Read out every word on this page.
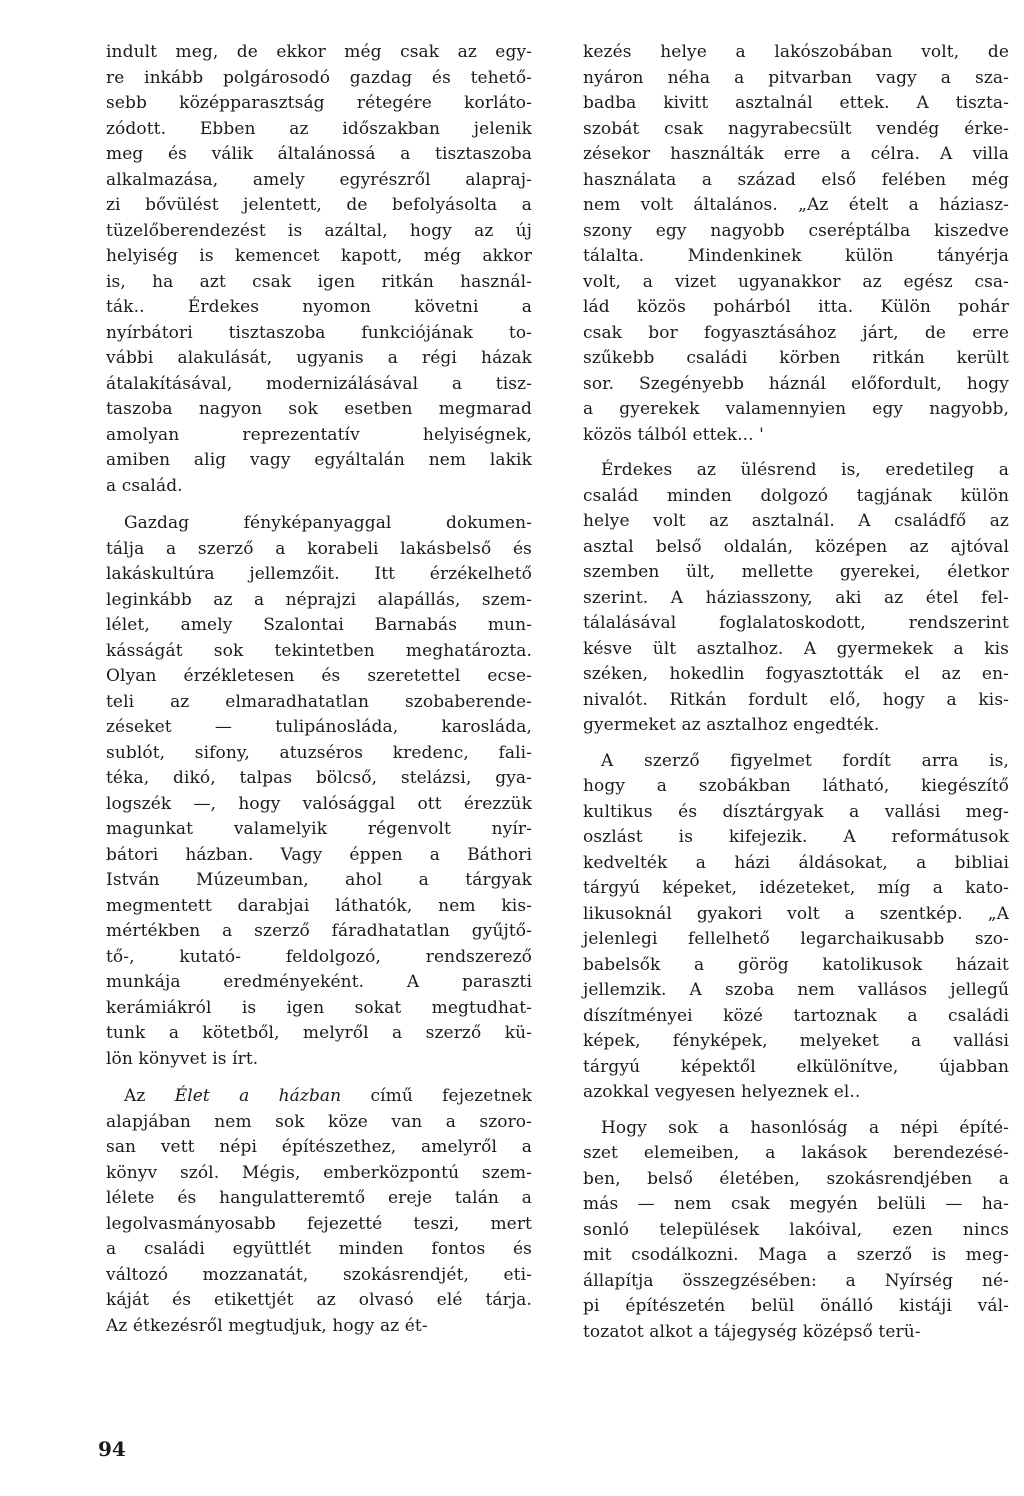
indult meg, de ekkor még csak az egy-
re inkább polgárosodó gazdag és tehető-
sebb középparasztság rétegére korláto-
zódott. Ebben az időszakban jelenik
meg és válik általánossá a tisztaszoba
alkalmazása, amely egyrészről alapraj-
zi bővülést jelentett, de befolyásolta a
tüzelőberendezést is azáltal, hogy az új
helyiség is kemencet kapott, még akkor
is, ha azt csak igen ritkán használ-
ták.. Érdekes nyomon követni a
nyírbátori tisztaszoba funkciójának to-
vábbi alakulását, ugyanis a régi házak
átalakításával, modernizálásával a tisz-
taszoba nagyon sok esetben megmarad
amolyan reprezentatív helyiségnek,
amiben alig vagy egyáltalán nem lakik
a család.
Gazdag fényképanyaggal dokumen-
tálja a szerző a korabeli lakásbelső és
lakáskultúra jellemzőit. Itt érzékelhető
leginkább az a néprajzi alapállás, szem-
lélet, amely Szalontai Barnabás mun-
kásságát sok tekintetben meghatározta.
Olyan érzékletesen és szeretettel ecse-
teli az elmaradhatatlan szobaberende-
zéseket — tulipánosláda, karosláda,
sublót, sifony, atuzséros kredenc, fali-
téka, dikó, talpas bölcső, stelázsi, gya-
logszék —, hogy valósággal ott érezzük
magunkat valamelyik régenvolt nyír-
bátori házban. Vagy éppen a Báthori
István Múzeumban, ahol a tárgyak
megmentett darabjai láthatók, nem kis-
mértékben a szerző fáradhatatlan gyűjtő-
tő-, kutató- feldolgozó, rendszerező
munkája eredményeként. A paraszti
kerámiákról is igen sokat megtudhat-
tunk a kötetből, melyről a szerző kü-
lön könyvet is írt.
Az Élet a házban című fejezetnek
alapjában nem sok köze van a szoro-
san vett népi építészethez, amelyről a
könyv szól. Mégis, emberközpontú szem-
lélete és hangulatteremtő ereje talán a
legolvasmányosabb fejezetté teszi, mert
a családi együttlét minden fontos és
változó mozzanatát, szokásrendjét, eti-
káját és etikettjét az olvasó elé tárja.
Az étkezésről megtudjuk, hogy az ét-
kezés helye a lakószobában volt, de
nyáron néha a pitvarban vagy a sza-
badba kivitt asztalnál ettek. A tiszta-
szobát csak nagyrabecsült vendég érke-
zésekor használták erre a célra. A villa
használata a század első felében még
nem volt általános. „Az ételt a háziasz-
szony egy nagyobb cseréptálba kiszedve
tálalta. Mindenkinek külön tányérja
volt, a vizet ugyanakkor az egész csa-
lád közös pohárból itta. Külön pohár
csak bor fogyasztásához járt, de erre
szűkebb családi körben ritkán került
sor. Szegényebb háznál előfordult, hogy
a gyerekek valamennyien egy nagyobb,
közös tálból ettek... '
Érdekes az ülésrend is, eredetileg a
család minden dolgozó tagjának külön
helye volt az asztalnál. A családfő az
asztal belső oldalán, középen az ajtóval
szemben ült, mellette gyerekei, életkor
szerint. A háziasszony, aki az étel fel-
tálalásával foglalatoskodott, rendszerint
késve ült asztalhoz. A gyermekek a kis
széken, hokedlin fogyasztották el az en-
nivalót. Ritkán fordult elő, hogy a kis-
gyermeket az asztalhoz engedték.
A szerző figyelmet fordít arra is,
hogy a szobákban látható, kiegészítő
kultikus és dísztárgyak a vallási meg-
oszlást is kifejezik. A reformátusok
kedvelték a házi áldásokat, a bibliai
tárgyú képeket, idézeteket, míg a kato-
likusoknál gyakori volt a szentkép. „A
jelenlegi fellelhető legarchaikusabb szo-
babelsők a görög katolikusok házait
jellemzik. A szoba nem vallásos jellegű
díszítményei közé tartoznak a családi
képek, fényképek, melyeket a vallási
tárgyú képektől elkülönítve, újabban
azokkal vegyesen helyeznek el..
Hogy sok a hasonlóság a népi építé-
szet elemeiben, a lakások berendezésé-
ben, belső életében, szokásrendjében a
más — nem csak megyén belüli — ha-
sonló települések lakóival, ezen nincs
mit csodálkozni. Maga a szerző is meg-
állapítja összegzésében: a Nyírség né-
pi építészetén belül önálló kistáji vál-
tozatot alkot a tájegység középső terü-
94
